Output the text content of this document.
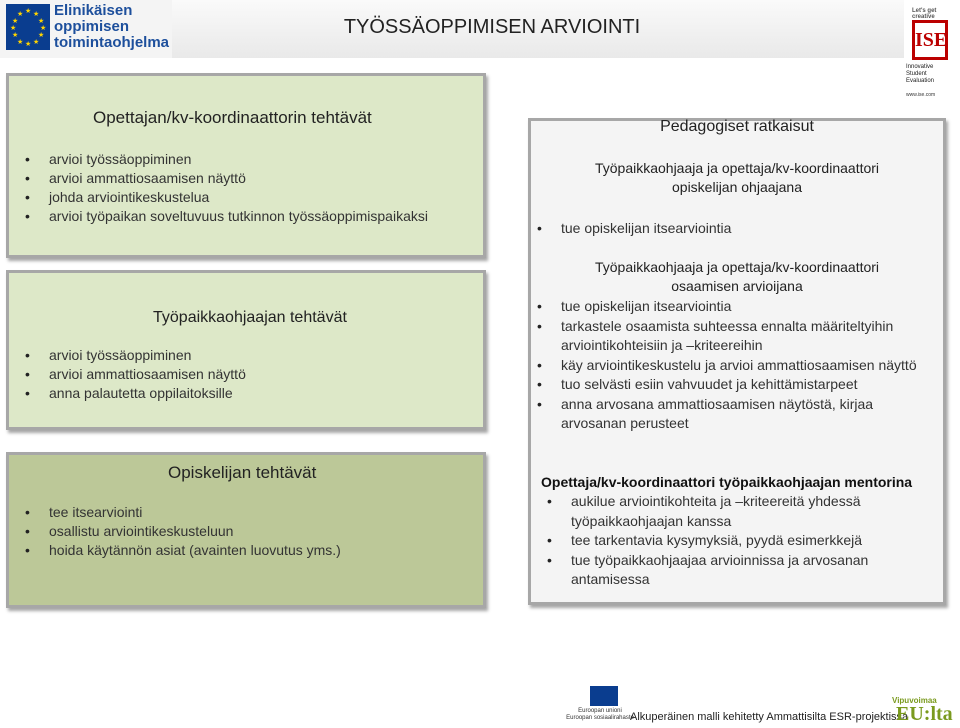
★ ★
★
★
★
★
★
★
★
★
★
★ Elinikäisen
oppimisen
toimintaohjelma
TYÖSSÄOPPIMISEN ARVIOINTI
Let's get creative
ISE
Innovative
Student
Evaluation
www.ise.com
Opettajan/kv-koordinaattorin tehtävät
• arvioi työssäoppiminen
• arvioi ammattiosaamisen näyttö
• johda arviointikeskustelua
• arvioi työpaikan soveltuvuus tutkinnon työssäoppimispaikaksi
Työpaikkaohjaajan tehtävät
• arvioi työssäoppiminen
• arvioi ammattiosaamisen näyttö
• anna palautetta oppilaitoksille
Opiskelijan tehtävät
• tee itsearviointi
• osallistu arviointikeskusteluun
• hoida käytännön asiat (avainten luovutus yms.)
Pedagogiset ratkaisut
Työpaikkaohjaaja ja opettaja/kv-koordinaattori
opiskelijan ohjaajana
• tue opiskelijan itsearviointia
Työpaikkaohjaaja ja opettaja/kv-koordinaattori
osaamisen arvioijana
• tue opiskelijan itsearviointia
• tarkastele osaamista suhteessa ennalta määriteltyihin arviointikohteisiin ja –kriteereihin
• käy arviointikeskustelu ja arvioi ammattiosaamisen näyttö
• tuo selvästi esiin vahvuudet ja kehittämistarpeet
• anna arvosana ammattiosaamisen näytöstä, kirjaa arvosanan perusteet
Opettaja/kv-koordinaattori työpaikkaohjaajan mentorina
• aukilue arviointikohteita ja –kriteereitä yhdessä työpaikkaohjaajan kanssa
• tee tarkentavia kysymyksiä, pyydä esimerkkejä
• tue työpaikkaohjaajaa arvioinnissa ja arvosanan antamisessa
Euroopan unioni
Euroopan sosiaalirahasto
Alkuperäinen malli kehitetty Ammattisilta ESR-projektissa
Vipuvoimaa
EU:lta
